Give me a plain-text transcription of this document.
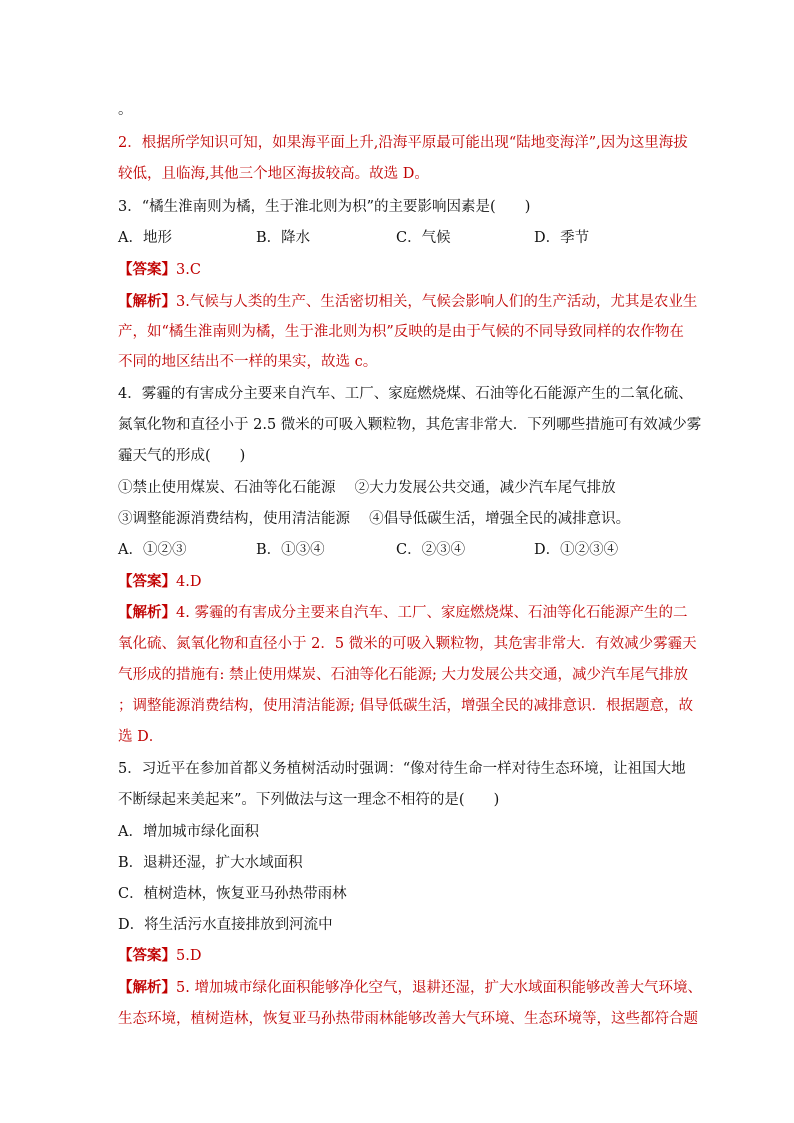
。
2．根据所学知识可知，如果海平面上升,沿海平原最可能出现“陆地变海洋”,因为这里海拔
较低，且临海,其他三个地区海拔较高。故选 D。
3．“橘生淮南则为橘，生于淮北则为枳”的主要影响因素是(　　)
A．地形	B．降水	C．气候	D．季节
【答案】3.C
【解析】3.气候与人类的生产、生活密切相关，气候会影响人们的生产活动，尤其是农业生
产，如“橘生淮南则为橘，生于淮北则为枳”反映的是由于气候的不同导致同样的农作物在
不同的地区结出不一样的果实，故选 c。
4．雾霾的有害成分主要来自汽车、工厂、家庭燃烧煤、石油等化石能源产生的二氧化硫、
氮氧化物和直径小于 2.5 微米的可吸入颗粒物，其危害非常大．下列哪些措施可有效减少雾
霾天气的形成(　　)
①禁止使用煤炭、石油等化石能源　 ②大力发展公共交通，减少汽车尾气排放
③调整能源消费结构，使用清洁能源　 ④倡导低碳生活，增强全民的减排意识。
A．①②③	B．①③④	C．②③④	D．①②③④
【答案】4.D
【解析】4. 雾霾的有害成分主要来自汽车、工厂、家庭燃烧煤、石油等化石能源产生的二
氧化硫、氮氧化物和直径小于 2．5 微米的可吸入颗粒物，其危害非常大．有效减少雾霾天
气形成的措施有: 禁止使用煤炭、石油等化石能源; 大力发展公共交通，减少汽车尾气排放
；调整能源消费结构，使用清洁能源; 倡导低碳生活，增强全民的减排意识．根据题意，故
选 D．
5．习近平在参加首都义务植树活动时强调：“像对待生命一样对待生态环境，让祖国大地
不断绿起来美起来”。下列做法与这一理念不相符的是(　　)
A．增加城市绿化面积
B．退耕还湿，扩大水域面积
C．植树造林，恢复亚马孙热带雨林
D．将生活污水直接排放到河流中
【答案】5.D
【解析】5. 增加城市绿化面积能够净化空气，退耕还湿，扩大水域面积能够改善大气环境、
生态环境，植树造林，恢复亚马孙热带雨林能够改善大气环境、生态环境等，这些都符合题
